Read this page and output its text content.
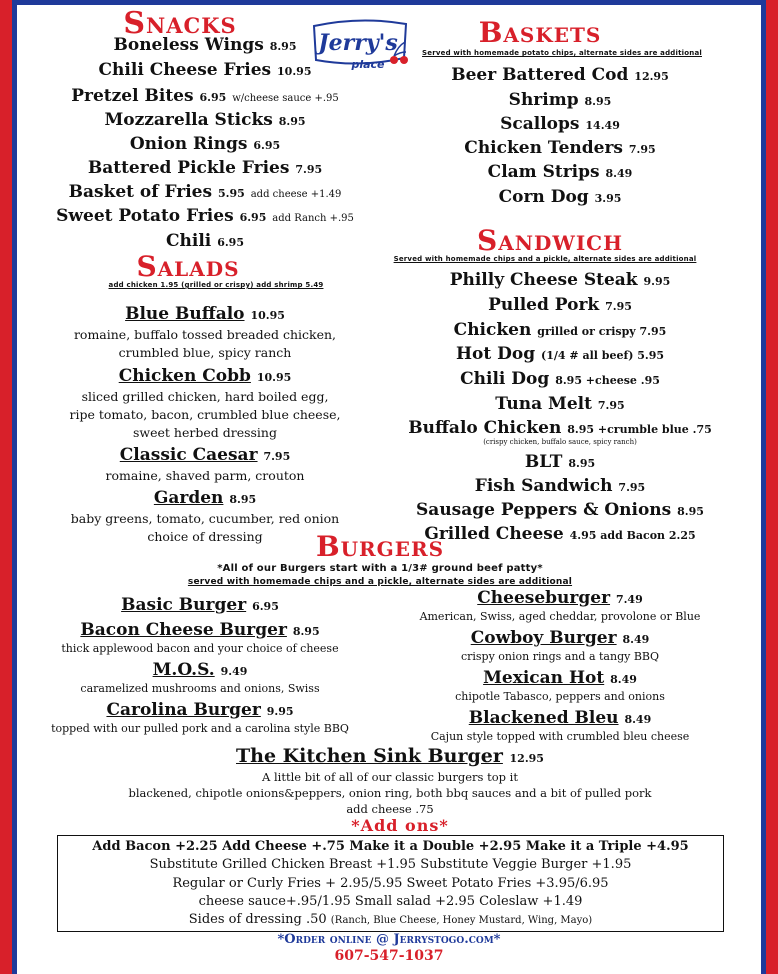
Jerry's
place
Snacks
Boneless Wings 8.95
Chili Cheese Fries 10.95
Pretzel Bites 6.95 w/cheese sauce +.95
Mozzarella Sticks 8.95
Onion Rings 6.95
Battered Pickle Fries 7.95
Basket of Fries 5.95 add cheese +1.49
Sweet Potato Fries 6.95 add Ranch +.95
Chili 6.95
Baskets
Served with homemade potato chips, alternate sides are additional
Beer Battered Cod 12.95
Shrimp 8.95
Scallops 14.49
Chicken Tenders 7.95
Clam Strips 8.49
Corn Dog 3.95
Salads
add chicken 1.95 (grilled or crispy) add shrimp 5.49
Blue Buffalo 10.95
romaine, buffalo tossed breaded chicken,
crumbled blue, spicy ranch
Chicken Cobb 10.95
sliced grilled chicken, hard boiled egg,
ripe tomato, bacon, crumbled blue cheese,
sweet herbed dressing
Classic Caesar 7.95
romaine, shaved parm, crouton
Garden 8.95
baby greens, tomato, cucumber, red onion
choice of dressing
Sandwich
Served with homemade chips and a pickle, alternate sides are additional
Philly Cheese Steak 9.95
Pulled Pork 7.95
Chicken grilled or crispy 7.95
Hot Dog (1/4 # all beef) 5.95
Chili Dog 8.95 +cheese .95
Tuna Melt 7.95
Buffalo Chicken 8.95 +crumble blue .75
(crispy chicken, buffalo sauce, spicy ranch)
BLT 8.95
Fish Sandwich 7.95
Sausage Peppers & Onions 8.95
Grilled Cheese 4.95 add Bacon 2.25
Burgers
*All of our Burgers start with a 1/3# ground beef patty*
served with homemade chips and a pickle, alternate sides are additional
Basic Burger 6.95
Bacon Cheese Burger 8.95
thick applewood bacon and your choice of cheese
M.O.S. 9.49
caramelized mushrooms and onions, Swiss
Carolina Burger 9.95
topped with our pulled pork and a carolina style BBQ
Cheeseburger 7.49
American, Swiss, aged cheddar, provolone or Blue
Cowboy Burger 8.49
crispy onion rings and a tangy BBQ
Mexican Hot 8.49
chipotle Tabasco, peppers and onions
Blackened Bleu 8.49
Cajun style topped with crumbled bleu cheese
The Kitchen Sink Burger 12.95
A little bit of all of our classic burgers top it
blackened, chipotle onions&peppers, onion ring, both bbq sauces and a bit of pulled pork
add cheese .75
*Add ons*
Add Bacon +2.25 Add Cheese +.75 Make it a Double +2.95 Make it a Triple +4.95
Substitute Grilled Chicken Breast +1.95 Substitute Veggie Burger +1.95
Regular or Curly Fries + 2.95/5.95 Sweet Potato Fries +3.95/6.95
cheese sauce+.95/1.95 Small salad +2.95 Coleslaw +1.49
Sides of dressing .50 (Ranch, Blue Cheese, Honey Mustard, Wing, Mayo)
*Order online @ Jerrystogo.com*
607-547-1037
